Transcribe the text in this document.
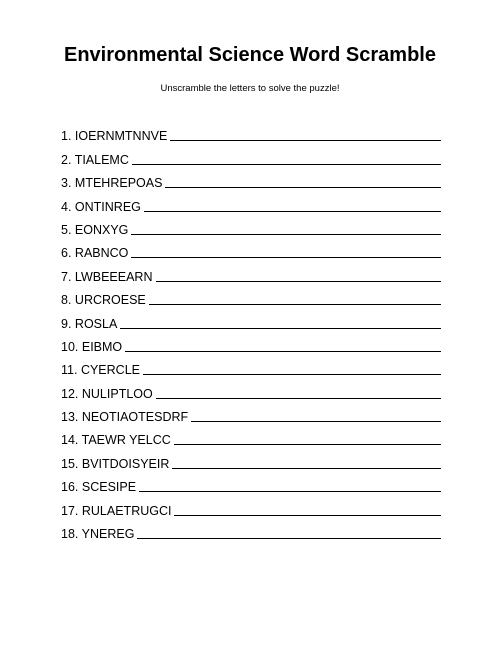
Environmental Science Word Scramble
Unscramble the letters to solve the puzzle!
1. IOERNMTNNVE
2. TIALEMC
3. MTEHREPOAS
4. ONTINREG
5. EONXYG
6. RABNCO
7. LWBEEEARN
8. URCROESE
9. ROSLA
10. EIBMO
11. CYERCLE
12. NULIPTLOO
13. NEOTIAOTESDRF
14. TAEWR YELCC
15. BVITDOISYEIR
16. SCESIPE
17. RULAETRUGCI
18. YNEREG
